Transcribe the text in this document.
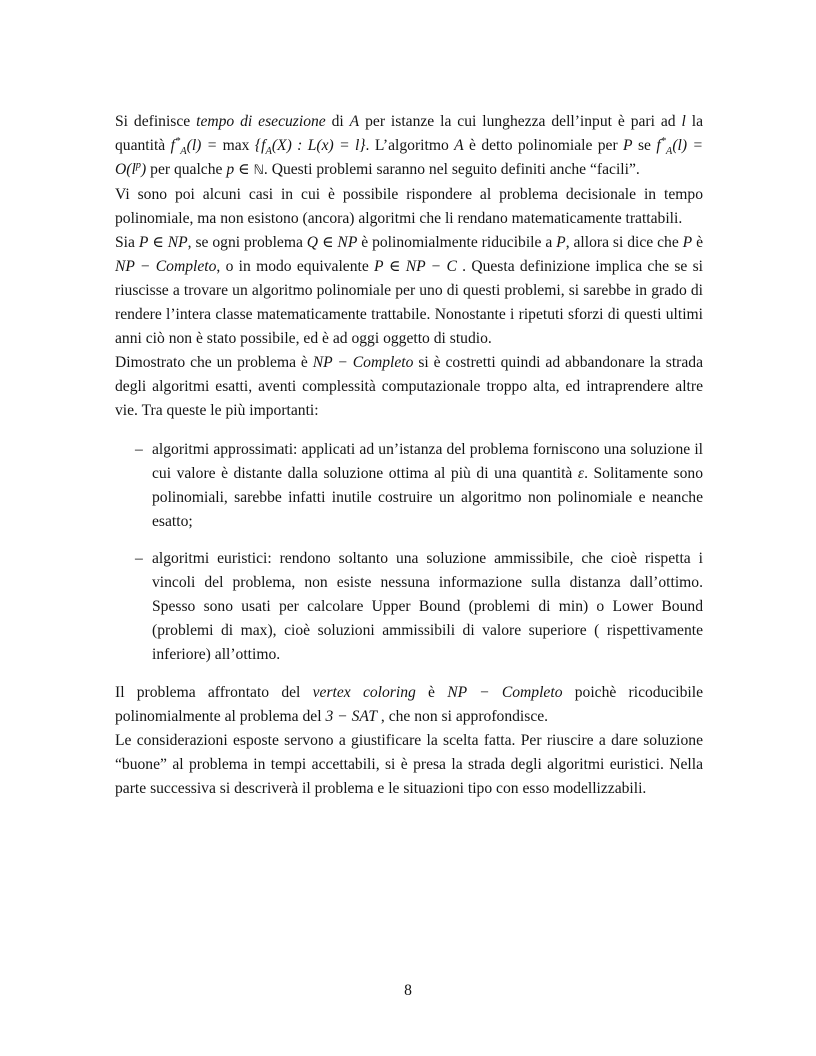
Si definisce tempo di esecuzione di A per istanze la cui lunghezza dell’input è pari ad l la quantità $f^*_A(l) = \max \{f_A(X)$ : L(x) = l}. L’algoritmo A è detto polinomiale per P se $f^*_A(l) = O(l^p)$ per qualche p ∈ ℕ. Questi problemi saranno nel seguito definiti anche “facili”.

Vi sono poi alcuni casi in cui è possibile rispondere al problema decisionale in tempo polinomiale, ma non esistono (ancora) algoritmi che li rendano matematicamente trattabili.

Sia P ∈ NP, se ogni problema Q ∈ NP è polinomialmente riducibile a P, allora si dice che P è NP − Completo, o in modo equivalente P ∈ NP − C . Questa definizione implica che se si riuscisse a trovare un algoritmo polinomiale per uno di questi problemi, si sarebbe in grado di rendere l’intera classe matematicamente trattabile. Nonostante i ripetuti sforzi di questi ultimi anni ciò non è stato possibile, ed è ad oggi oggetto di studio.

Dimostrato che un problema è NP − Completo si è costretti quindi ad abbandonare la strada degli algoritmi esatti, aventi complessità computazionale troppo alta, ed intraprendere altre vie. Tra queste le più importanti:

– algoritmi approssimati: applicati ad un’istanza del problema forniscono una soluzione il cui valore è distante dalla soluzione ottima al più di una quantità ε. Solitamente sono polinomiali, sarebbe infatti inutile costruire un algoritmo non polinomiale e neanche esatto;
– algoritmi euristici: rendono soltanto una soluzione ammissibile, che cioè rispetta i vincoli del problema, non esiste nessuna informazione sulla distanza dall’ottimo. Spesso sono usati per calcolare Upper Bound (problemi di min) o Lower Bound (problemi di max), cioè soluzioni ammissibili di valore superiore ( rispettivamente inferiore) all’ottimo.

Il problema affrontato del vertex coloring è NP − Completo poichè ricoducibile polinomialmente al problema del 3 − SAT , che non si approfondisce.

Le considerazioni esposte servono a giustificare la scelta fatta. Per riuscire a dare soluzione “buone” al problema in tempi accettabili, si è presa la strada degli algoritmi euristici. Nella parte successiva si descriverà il problema e le situazioni tipo con esso modellizzabili.

8
